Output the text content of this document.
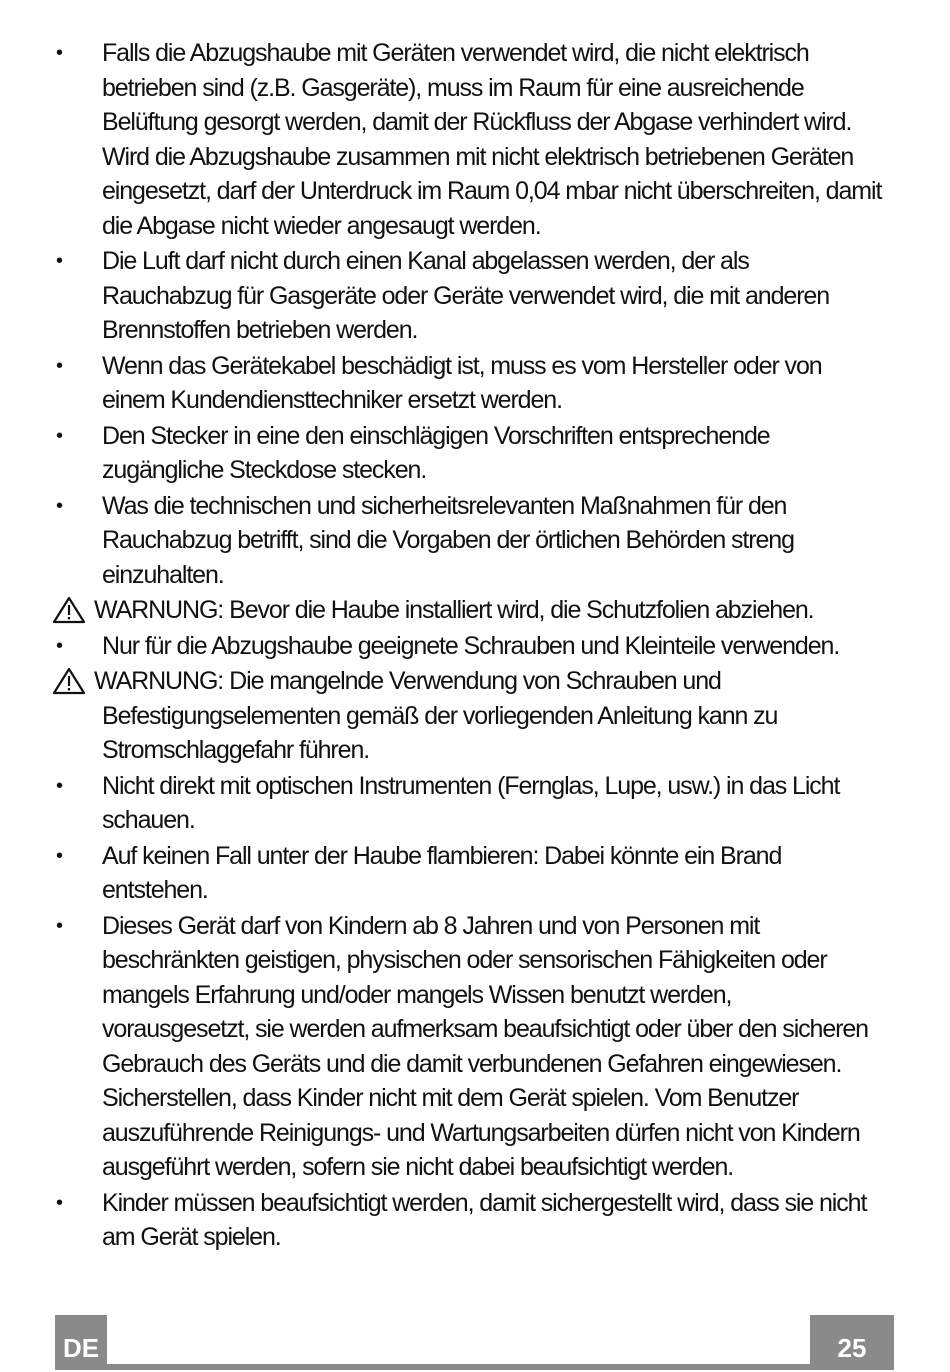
•	Falls die Abzugshaube mit Geräten verwendet wird, die nicht elektrisch betrieben sind (z.B. Gasgeräte), muss im Raum für eine ausreichende Belüftung gesorgt werden, damit der Rückfluss der Abgase verhindert wird. Wird die Abzugshaube zusammen mit nicht elektrisch betriebenen Geräten eingesetzt, darf der Unterdruck im Raum 0,04 mbar nicht überschreiten, damit die Abgase nicht wieder angesaugt werden.
•	Die Luft darf nicht durch einen Kanal abgelassen werden, der als Rauchabzug für Gasgeräte oder Geräte verwendet wird, die mit anderen Brennstoffen betrieben werden.
•	Wenn das Gerätekabel beschädigt ist, muss es vom Hersteller oder von einem Kundendiensttechniker ersetzt werden.
•	Den Stecker in eine den einschlägigen Vorschriften entsprechende zugängliche Steckdose stecken.
•	Was die technischen und sicherheitsrelevanten Maßnahmen für den Rauchabzug betrifft, sind die Vorgaben der örtlichen Behörden streng einzuhalten.
WARNUNG: Bevor die Haube installiert wird, die Schutzfolien abziehen.
•	Nur für die Abzugshaube geeignete Schrauben und Kleinteile verwenden.
WARNUNG: Die mangelnde Verwendung von Schrauben und
Befestigungselementen gemäß der vorliegenden Anleitung kann zu Stromschlaggefahr führen.
•	Nicht direkt mit optischen Instrumenten (Fernglas, Lupe, usw.) in das Licht schauen.
•	Auf keinen Fall unter der Haube flambieren: Dabei könnte ein Brand entstehen.
•	Dieses Gerät darf von Kindern ab 8 Jahren und von Personen mit beschränkten geistigen, physischen oder sensorischen Fähigkeiten oder mangels Erfahrung und/oder mangels Wissen benutzt werden, vorausgesetzt, sie werden aufmerksam beaufsichtigt oder über den sicheren Gebrauch des Geräts und die damit verbundenen Gefahren eingewiesen. Sicherstellen, dass Kinder nicht mit dem Gerät spielen. Vom Benutzer auszuführende Reinigungs- und Wartungsarbeiten dürfen nicht von Kindern ausgeführt werden, sofern sie nicht dabei beaufsichtigt werden.
•	Kinder müssen beaufsichtigt werden, damit sichergestellt wird, dass sie nicht am Gerät spielen.
DE	25
